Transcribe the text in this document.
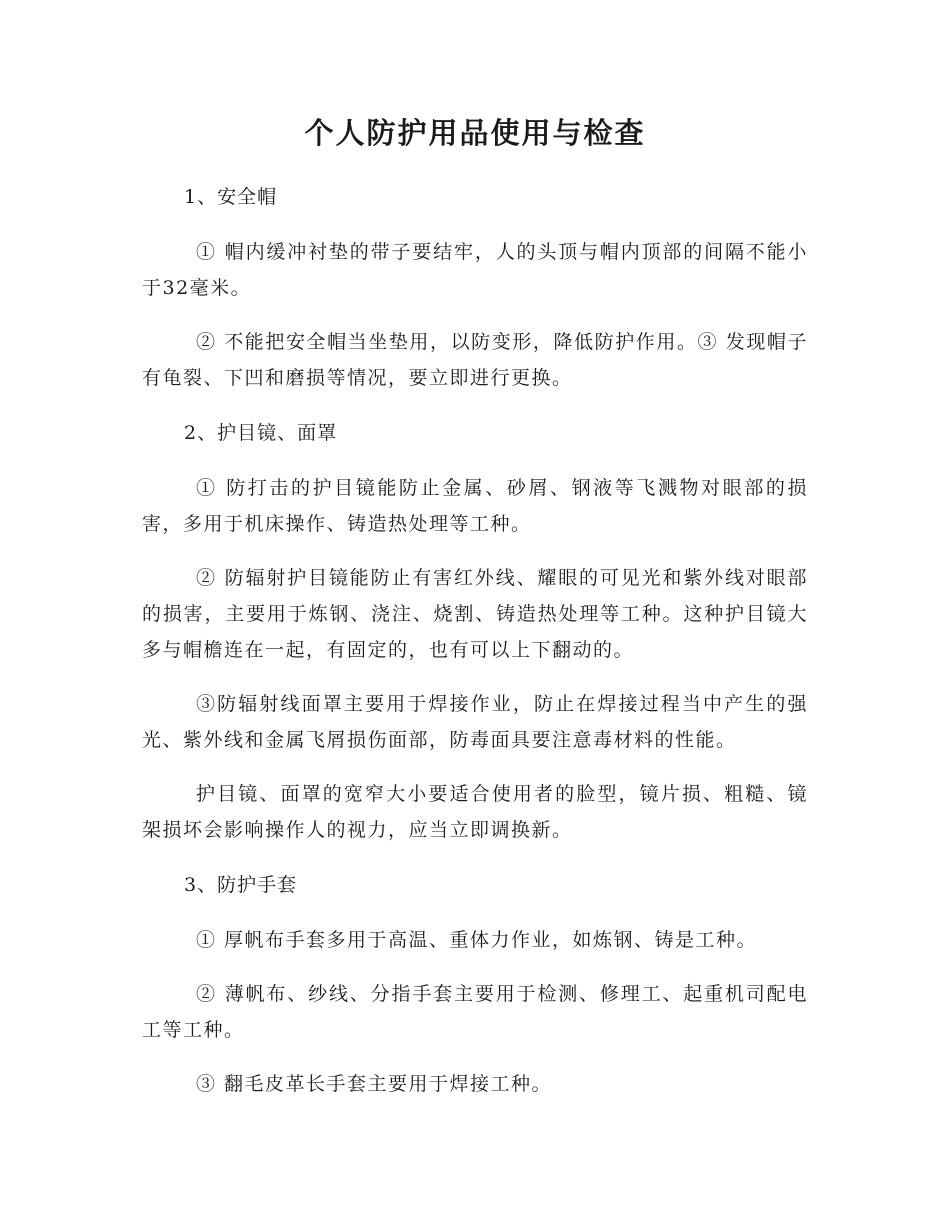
个人防护用品使用与检查

1、安全帽

① 帽内缓冲衬垫的带子要结牢，人的头顶与帽内顶部的间隔不能小于32毫米。

② 不能把安全帽当坐垫用，以防变形，降低防护作用。③ 发现帽子有龟裂、下凹和磨损等情况，要立即进行更换。

2、护目镜、面罩

① 防打击的护目镜能防止金属、砂屑、钢液等飞溅物对眼部的损害，多用于机床操作、铸造热处理等工种。

② 防辐射护目镜能防止有害红外线、耀眼的可见光和紫外线对眼部的损害，主要用于炼钢、浇注、烧割、铸造热处理等工种。这种护目镜大多与帽檐连在一起，有固定的，也有可以上下翻动的。

③防辐射线面罩主要用于焊接作业，防止在焊接过程当中产生的强光、紫外线和金属飞屑损伤面部，防毒面具要注意毒材料的性能。

护目镜、面罩的宽窄大小要适合使用者的脸型，镜片损、粗糙、镜架损坏会影响操作人的视力，应当立即调换新。

3、防护手套

① 厚帆布手套多用于高温、重体力作业，如炼钢、铸是工种。

② 薄帆布、纱线、分指手套主要用于检测、修理工、起重机司配电工等工种。

③ 翻毛皮革长手套主要用于焊接工种。
